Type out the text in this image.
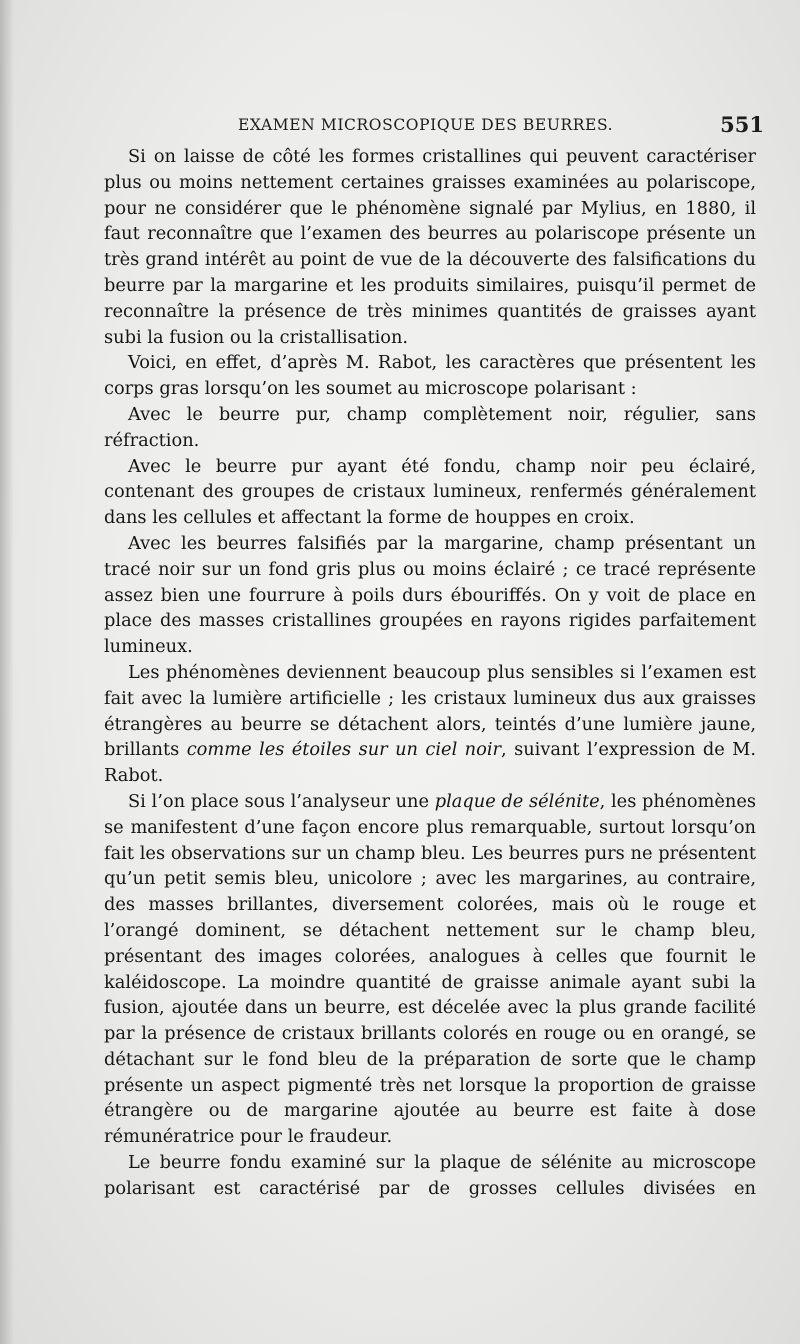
EXAMEN MICROSCOPIQUE DES BEURRES.	551

Si on laisse de côté les formes cristallines qui peuvent caractériser plus ou moins nettement certaines graisses examinées au polariscope, pour ne considérer que le phénomène signalé par Mylius, en 1880, il faut reconnaître que l’examen des beurres au polariscope présente un très grand intérêt au point de vue de la découverte des falsifications du beurre par la margarine et les produits similaires, puisqu’il permet de reconnaître la présence de très minimes quantités de graisses ayant subi la fusion ou la cristallisation.

Voici, en effet, d’après M. Rabot, les caractères que présentent les corps gras lorsqu’on les soumet au microscope polarisant :

Avec le beurre pur, champ complètement noir, régulier, sans réfraction.

Avec le beurre pur ayant été fondu, champ noir peu éclairé, contenant des groupes de cristaux lumineux, renfermés généralement dans les cellules et affectant la forme de houppes en croix.

Avec les beurres falsifiés par la margarine, champ présentant un tracé noir sur un fond gris plus ou moins éclairé ; ce tracé représente assez bien une fourrure à poils durs ébouriffés. On y voit de place en place des masses cristallines groupées en rayons rigides parfaitement lumineux.

Les phénomènes deviennent beaucoup plus sensibles si l’examen est fait avec la lumière artificielle ; les cristaux lumineux dus aux graisses étrangères au beurre se détachent alors, teintés d’une lumière jaune, brillants comme les étoiles sur un ciel noir, suivant l’expression de M. Rabot.

Si l’on place sous l’analyseur une plaque de sélénite, les phénomènes se manifestent d’une façon encore plus remarquable, surtout lorsqu’on fait les observations sur un champ bleu. Les beurres purs ne présentent qu’un petit semis bleu, unicolore ; avec les margarines, au contraire, des masses brillantes, diversement colorées, mais où le rouge et l’orangé dominent, se détachent nettement sur le champ bleu, présentant des images colorées, analogues à celles que fournit le kaléidoscope. La moindre quantité de graisse animale ayant subi la fusion, ajoutée dans un beurre, est décelée avec la plus grande facilité par la présence de cristaux brillants colorés en rouge ou en orangé, se détachant sur le fond bleu de la préparation de sorte que le champ présente un aspect pigmenté très net lorsque la proportion de graisse étrangère ou de margarine ajoutée au beurre est faite à dose rémunératrice pour le fraudeur.

Le beurre fondu examiné sur la plaque de sélénite au microscope polarisant est caractérisé par de grosses cellules divisées en
